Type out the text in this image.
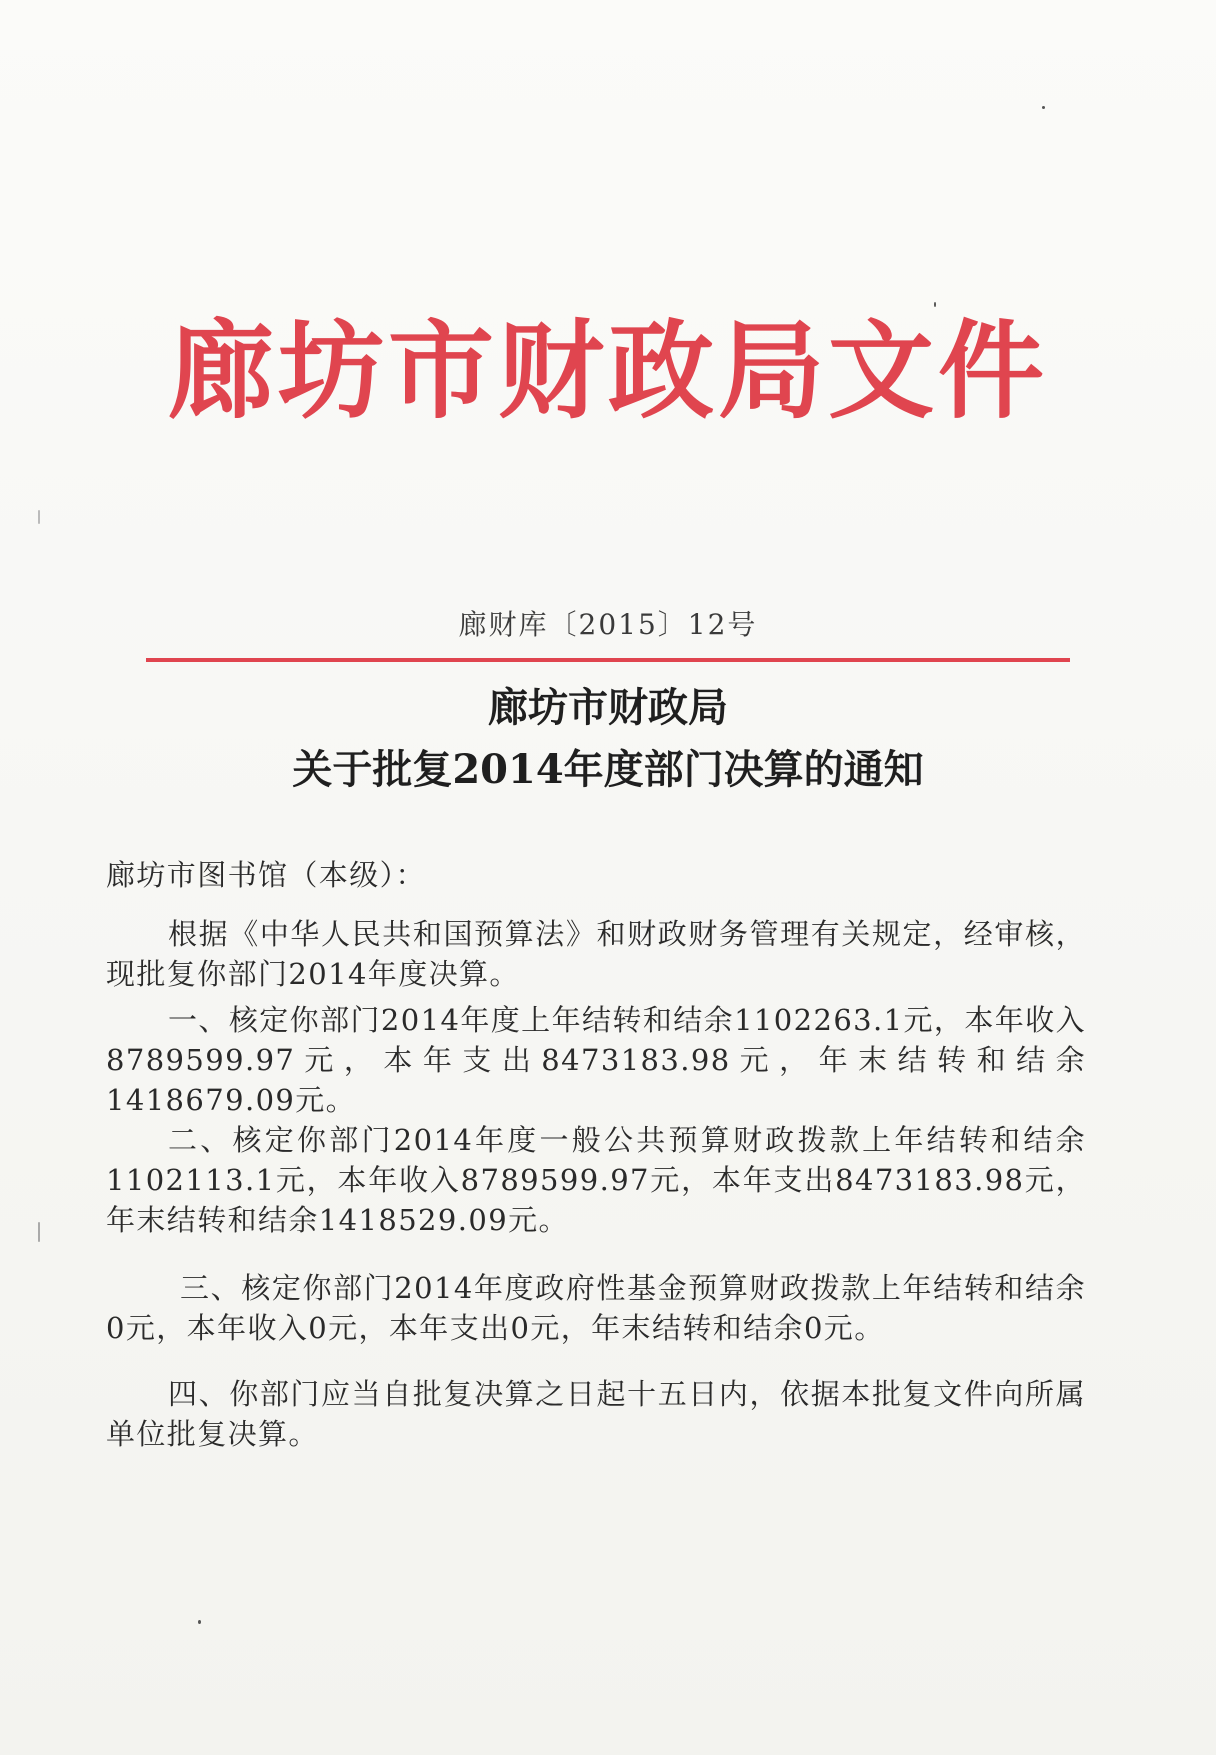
廊坊市财政局文件
廊财库〔2015〕12号
廊坊市财政局
关于批复2014年度部门决算的通知
廊坊市图书馆（本级）：
根据《中华人民共和国预算法》和财政财务管理有关规定，经审核，现批复你部门2014年度决算。
一、核定你部门2014年度上年结转和结余1102263.1元，本年收入8789599.97元，本年支出8473183.98元，年末结转和结余1418679.09元。
二、核定你部门2014年度一般公共预算财政拨款上年结转和结余1102113.1元，本年收入8789599.97元，本年支出8473183.98元，年末结转和结余1418529.09元。
三、核定你部门2014年度政府性基金预算财政拨款上年结转和结余0元，本年收入0元，本年支出0元，年末结转和结余0元。
四、你部门应当自批复决算之日起十五日内，依据本批复文件向所属单位批复决算。
